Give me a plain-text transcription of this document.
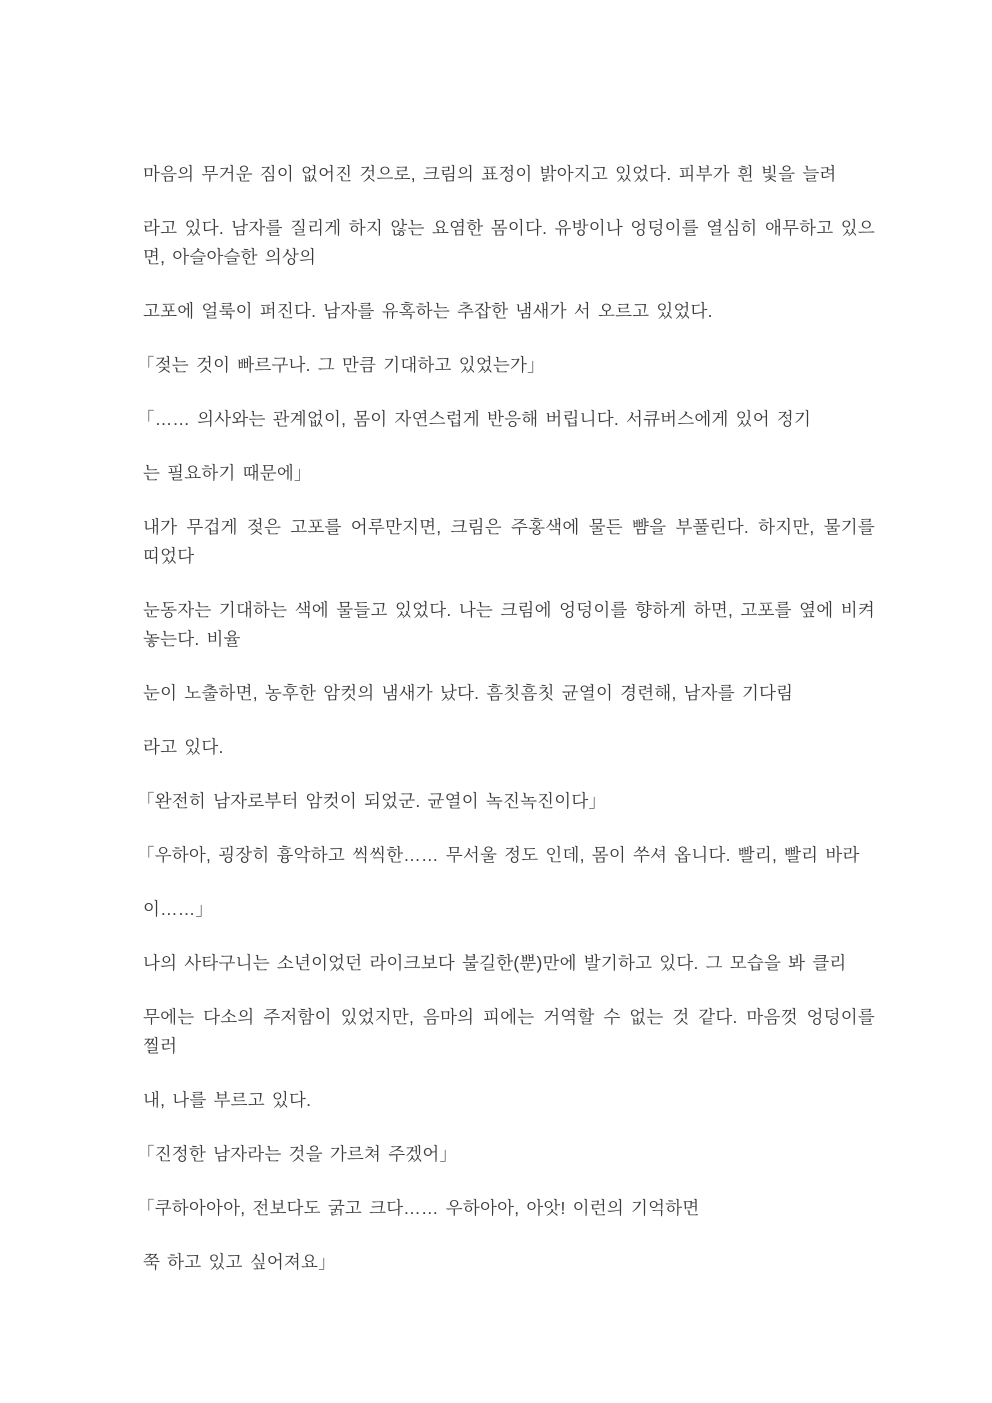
마음의 무거운 짐이 없어진 것으로, 크림의 표정이 밝아지고 있었다. 피부가 흰 빛을 늘려

라고 있다. 남자를 질리게 하지 않는 요염한 몸이다. 유방이나 엉덩이를 열심히 애무하고 있으면, 아슬아슬한 의상의

고포에 얼룩이 퍼진다. 남자를 유혹하는 추잡한 냄새가 서 오르고 있었다.

「젖는 것이 빠르구나. 그 만큼 기대하고 있었는가」

「…… 의사와는 관계없이, 몸이 자연스럽게 반응해 버립니다. 서큐버스에게 있어 정기

는 필요하기 때문에」

내가 무겁게 젖은 고포를 어루만지면, 크림은 주홍색에 물든 뺨을 부풀린다. 하지만, 물기를 띠었다

눈동자는 기대하는 색에 물들고 있었다. 나는 크림에 엉덩이를 향하게 하면, 고포를 옆에 비켜 놓는다. 비율

눈이 노출하면, 농후한 암컷의 냄새가 났다. 흠칫흠칫 균열이 경련해, 남자를 기다림

라고 있다.

「완전히 남자로부터 암컷이 되었군. 균열이 녹진녹진이다」

「우하아, 굉장히 흉악하고 씩씩한…… 무서울 정도 인데, 몸이 쑤셔 옵니다. 빨리, 빨리 바라

이……」

나의 사타구니는 소년이었던 라이크보다 불길한(뿐)만에 발기하고 있다. 그 모습을 봐 클리

무에는 다소의 주저함이 있었지만, 음마의 피에는 거역할 수 없는 것 같다. 마음껏 엉덩이를 찔러

내, 나를 부르고 있다.

「진정한 남자라는 것을 가르쳐 주겠어」

「쿠하아아아, 전보다도 굵고 크다…… 우하아아, 아앗! 이런의 기억하면

쭉 하고 있고 싶어져요」
